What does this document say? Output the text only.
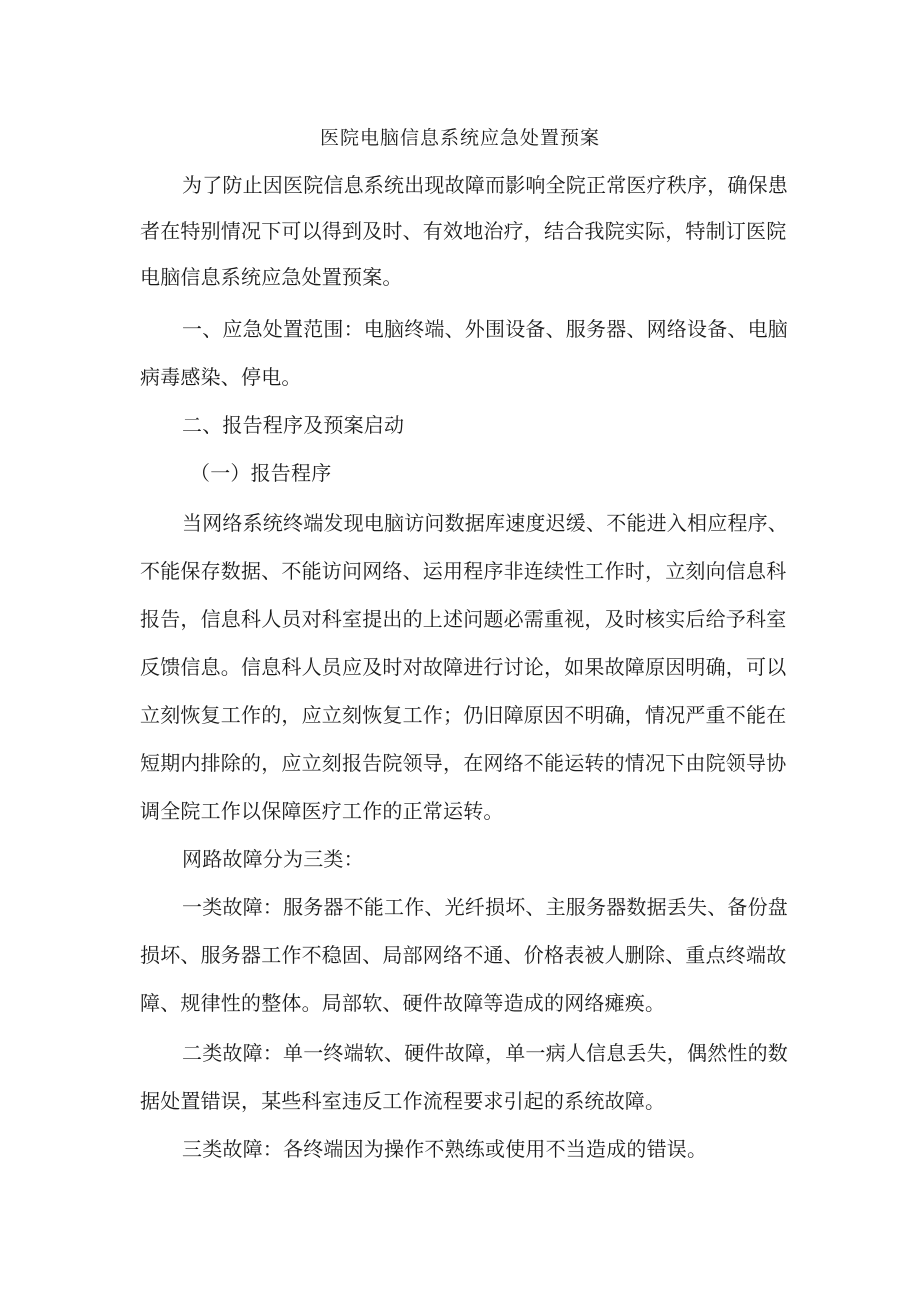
医院电脑信息系统应急处置预案
为了防止因医院信息系统出现故障而影响全院正常医疗秩序，确保患
者在特别情况下可以得到及时、有效地治疗，结合我院实际，特制订医院
电脑信息系统应急处置预案。
一、应急处置范围：电脑终端、外围设备、服务器、网络设备、电脑
病毒感染、停电。
二、报告程序及预案启动
（一）报告程序
当网络系统终端发现电脑访问数据库速度迟缓、不能进入相应程序、
不能保存数据、不能访问网络、运用程序非连续性工作时，立刻向信息科
报告，信息科人员对科室提出的上述问题必需重视，及时核实后给予科室
反馈信息。信息科人员应及时对故障进行讨论，如果故障原因明确，可以
立刻恢复工作的，应立刻恢复工作；仍旧障原因不明确，情况严重不能在
短期内排除的，应立刻报告院领导，在网络不能运转的情况下由院领导协
调全院工作以保障医疗工作的正常运转。
网路故障分为三类：
一类故障：服务器不能工作、光纤损坏、主服务器数据丢失、备份盘
损坏、服务器工作不稳固、局部网络不通、价格表被人删除、重点终端故
障、规律性的整体。局部软、硬件故障等造成的网络瘫痪。
二类故障：单一终端软、硬件故障，单一病人信息丢失，偶然性的数
据处置错误，某些科室违反工作流程要求引起的系统故障。
三类故障：各终端因为操作不熟练或使用不当造成的错误。
